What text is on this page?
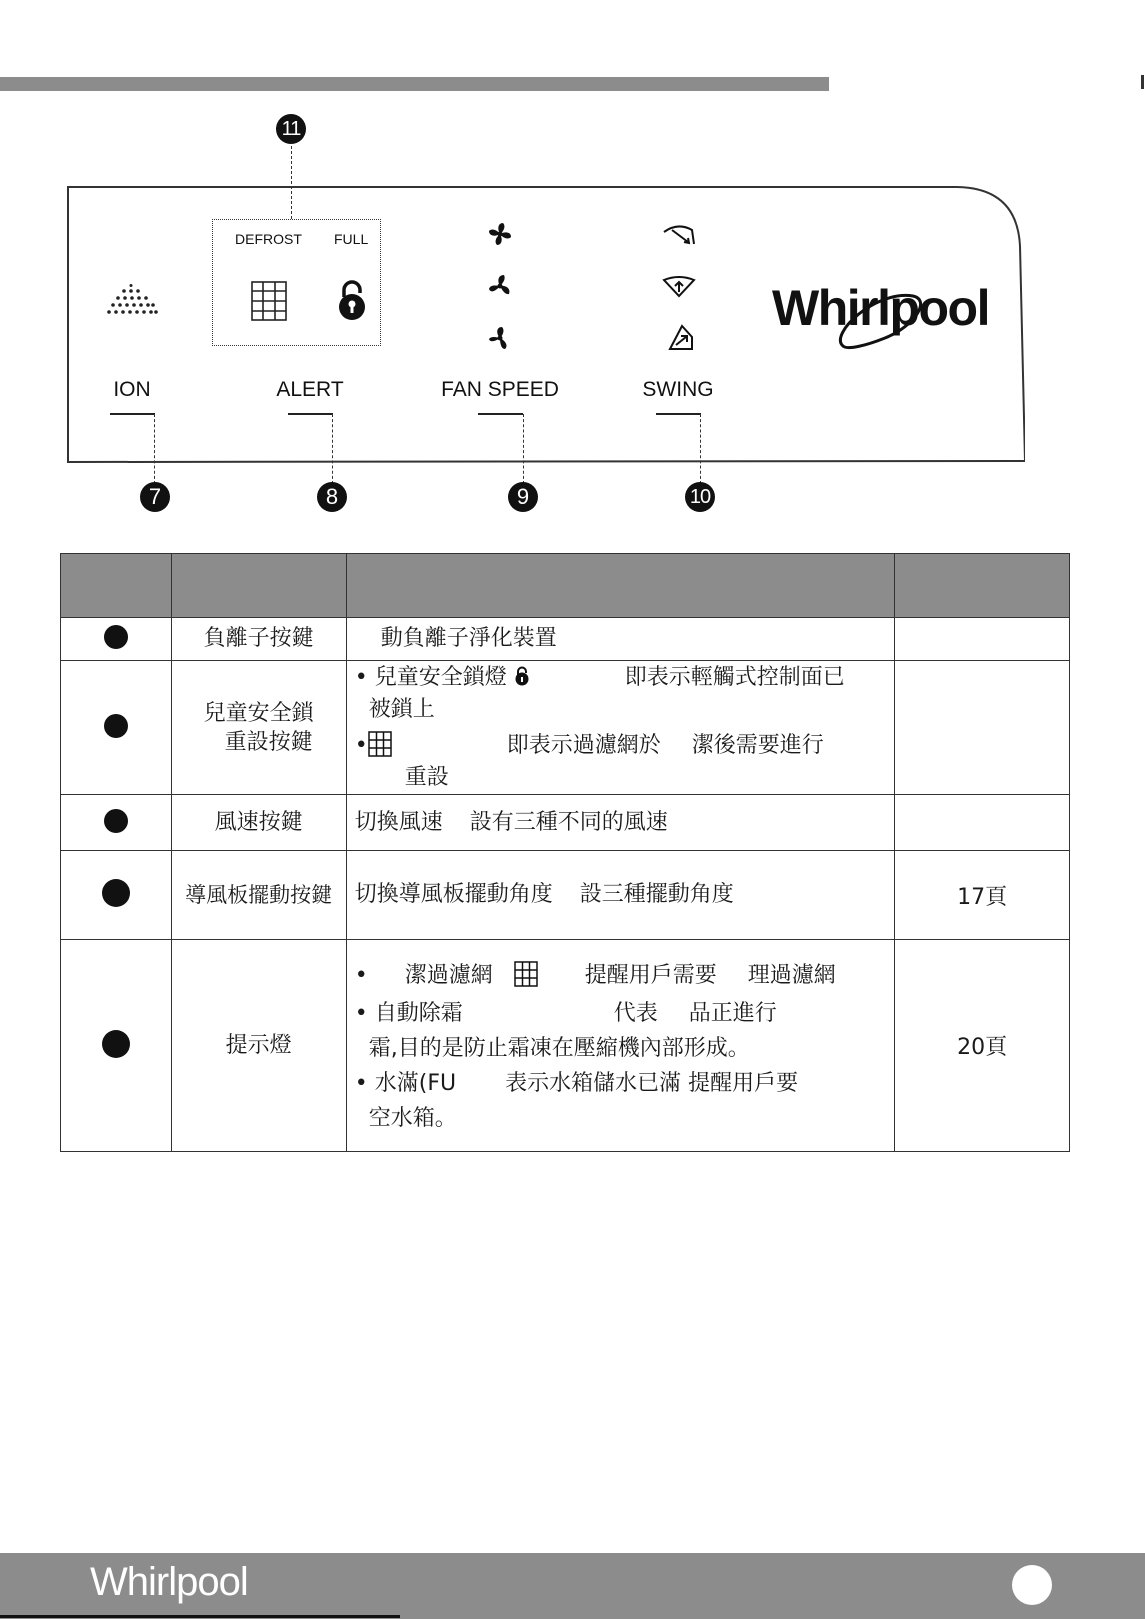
11
DEFROST FULL
Whirlpool
ION	ALERT	FAN SPEED	SWING
7	8	9	10

	負離子按鍵	動負離子淨化裝置	

	兒童安全鎖
重設按鍵	• 兒童安全鎖燈 即表示輕觸式控制面已
被鎖上
• 即表示過濾網於 潔後需要進行
重設	

	風速按鍵	切換風速 設有三種不同的風速	

	導風板擺動按鍵	切換導風板擺動角度 設三種擺動角度	17頁

	提示燈	• 潔過濾網 提醒用戶需要 理過濾網
• 自動除霜 代表 品正進行
霜,目的是防止霜凍在壓縮機內部形成。
• 水滿(FU 表示水箱儲水已滿 提醒用戶要
空水箱。	20頁
Whirlpool
